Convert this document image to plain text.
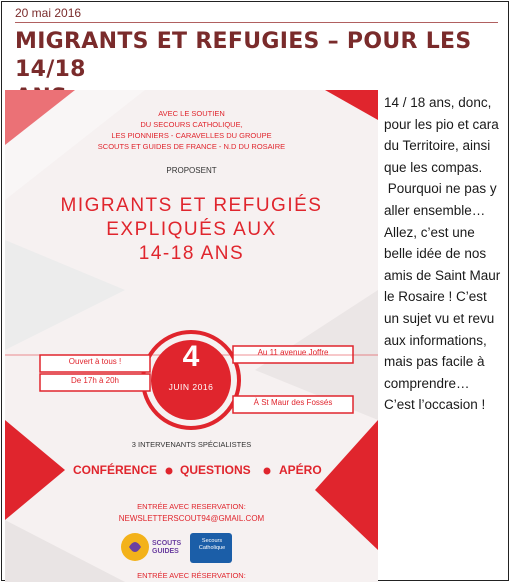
20 mai 2016
MIGRANTS ET REFUGIES – POUR LES 14/18
AVEC LE SOUTIEN
DU SECOURS CATHOLIQUE,
LES PIONNIERS - CARAVELLES DU GROUPE
SCOUTS ET GUIDES DE FRANCE - N.D DU ROSAIRE
PROPOSENT
MIGRANTS ET REFUGIÉS
EXPLIQUÉS AUX
14-18 ANS
Ouvert à tous !
De 17h à 20h
4
JUIN 2016
Au 11 avenue Joffre
À St Maur des Fossés
3 INTERVENANTS SPÉCIALISTES
CONFÉRENCE QUESTIONS APÉRO
ENTRÉE AVEC RESERVATION:
NEWSLETTERSCOUT94@GMAIL.COM
SCOUTS GUIDES
Secours Catholique
ENTRÉE AVEC RÉSERVATION:

14 / 18 ans, donc,

pour les pio et cara

du Territoire, ainsi

que les compas.

Pourquoi ne pas y

aller ensemble…

Allez, c’est une

belle idée de nos

amis de Saint Maur

le Rosaire ! C’est

un sujet vu et revu

aux informations,

mais pas facile à

comprendre…

C’est l’occasion !
